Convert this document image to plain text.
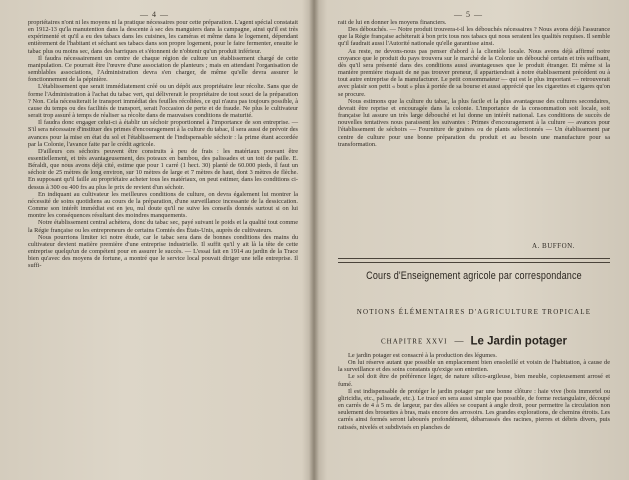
— 4 —

propriétaires n'ont ni les moyens ni la pratique nécessaires pour cette préparation. L'agent spécial constatait en 1912-13 qu'la manutention dans la descente à sec des manguiers dans la campagne, ainsi qu'il est très expérimenté et qu'il a eu des tabacs dans les cuisines, les caméras et même dans le logement, dépendant entièrement de l'habitant et séchant ses tabacs dans son propre logement, pour le faire fermenter, ensuite le tabac plus ou moins sec, dans des barriques et s'étonnent de n'obtenir qu'un produit inférieur.

Il faudra nécessairement un centre de chaque région de culture un établissement chargé de cette manipulation. Ce pourrait être l'œuvre d'une association de planteurs ; mais en attendant l'organisation de semblables associations, l'Administration devra s'en charger, de même qu'elle devra assurer le fonctionnement de la pépinière.

L'établissement que serait immédiatement créé ou un dépôt aux propriétaire leur récolte. Sans que de forme l'Administration à l'achat du tabac vert, qui délivrerait le propriétaire de tout souci de la préparation ? Non. Cela nécessiterait le transport immédiat des feuilles récoltées, ce qui n'aura pas toujours possible, à cause du temps ou des facilités de transport, serait l'occasion de perte et de fraude. Ne plus le cultivateur serait trop assuré à temps de réaliser sa récolte dans de mauvaises conditions de maturité.

Il faudra donc engager celui-ci à établir un séchoir proportionnel à l'importance de son entreprise. — S'il sera nécessaire d'instituer des primes d'encouragement à la culture du tabac, il sera aussi de prévoir des avances pour la mise en état du sol et l'établissement de l'indispensable séchoir : la prime étant accordée par la Colonie, l'avance faite par le crédit agricole.

D'ailleurs ces séchoirs peuvent être construits à peu de frais : les matériaux pouvant être essentiellement, et très avantageusement, des poteaux en bambou, des palissades et un toit de paille. E. Béraldi, que nous avons déjà cité, estime que pour 1 carré (1 hect. 30) planté de 60.000 pieds, il faut un séchoir de 25 mètres de long environ, sur 10 mètres de large et 7 mètres de haut, dont 3 mètres de flèche. En supposant qu'il faille au propriétaire acheter tous les matériaux, on peut estimer, dans les conditions ci-dessus à 300 ou 400 frs au plus le prix de revient d'un séchoir.

En indiquant au cultivateur les meilleures conditions de culture, on devra également lui montrer la nécessité de soins quotidiens au cours de la préparation, d'une surveillance incessante de la dessiccation. Comme son intérêt immédiat est en jeu, nul doute qu'il ne suive les conseils donnés surtout si on lui montre les conséquences résultant des moindres manquements.

Notre établissement central achètera, donc du tabac sec, payé suivant le poids et la qualité tout comme la Régie française ou les entrepreneurs de certains Comtés des États-Unis, auprès de cultivateurs.

Nous pourrions limiter ici notre étude, car le tabac sera dans de bonnes conditions des mains du cultivateur devient matière première d'une entreprise industrielle. Il suffit qu'il y ait là la tête de cette entreprise quelqu'un de compétent pour en assurer le succès. — L'essai fait en 1914 au jardin de la Trace bien qu'avec des moyens de fortune, a montré que le service local pouvait diriger une telle entreprise. Il suffi-

— 5 —

rait de lui en donner les moyens financiers.

Des débouchés. — Notre produit trouvera-t-il les débouchés nécessaires ? Nous avons déjà l'assurance que la Régie française achèterait à bon prix tous nos tabacs qui nous seraient les qualités requises. Il semble qu'il faudrait aussi l'Autorité nationale qu'elle garantisse ainsi.

Au reste, ne devons-nous pas penser d'abord à la clientèle locale. Nous avons déjà affirmé notre croyance que le produit du pays trouvera sur le marché de la Colonie un débouché certain et très suffisant, dès qu'il sera présenté dans des conditions aussi avantageuses que le produit étranger. Et même si la manière première risquait de ne pas trouver preneur, il appartiendrait à notre établissement précédent ou à tout autre entreprise de la manufacturer. Le petit consommateur — qui est le plus important — retrouverait avec plaisir son petit « bout » plus à portée de sa bourse et aussi apprécié que les cigarettes et cigares qu'on se procure.

Nous estimons que la culture du tabac, la plus facile et la plus avantageuse des cultures secondaires, devrait être reprise et encouragée dans la colonie. L'importance de la consommation soit locale, soit française lui assure un très large débouché et lui donne un intérêt national. Les conditions de succès de nouvelles tentatives nous paraissent les suivantes : Primes d'encouragement à la culture — avances pour l'établissement de séchoirs — Fourniture de graines ou de plants sélectionnés — Un établissement par centre de culture pour une bonne préparation du produit et au besoin une manufacture pour sa transformation.

A. BUFFON.
Cours d'Enseignement agricole par correspondance
NOTIONS ÉLÉMENTAIRES D'AGRICULTURE TROPICALE
CHAPITRE XXVI — Le Jardin potager

Le jardin potager est consacré à la production des légumes.

On lui réserve autant que possible un emplacement bien ensoleillé et voisin de l'habitation, à cause de la surveillance et des soins constants qu'exige son entretien.

Le sol doit être de préférence léger, de nature silico-argileuse, bien meuble, copieusement arrosé et fumé.

Il est indispensable de protéger le jardin potager par une bonne clôture : haie vive (bois immortel ou gliricidia, etc., palissade, etc.). Le tracé en sera aussi simple que possible, de forme rectangulaire, découpé en carrés de 4 à 5 m. de largeur, par des allées se coupant à angle droit, pour permettre la circulation non seulement des brouettes à bras, mais encore des arrosoirs. Les grandes explorations, de chemins étroits. Les carrés ainsi formés seront labourés profondément, débarrassés des racines, pierres et débris divers, puis ratissés, nivelés et subdivisés en planches de
